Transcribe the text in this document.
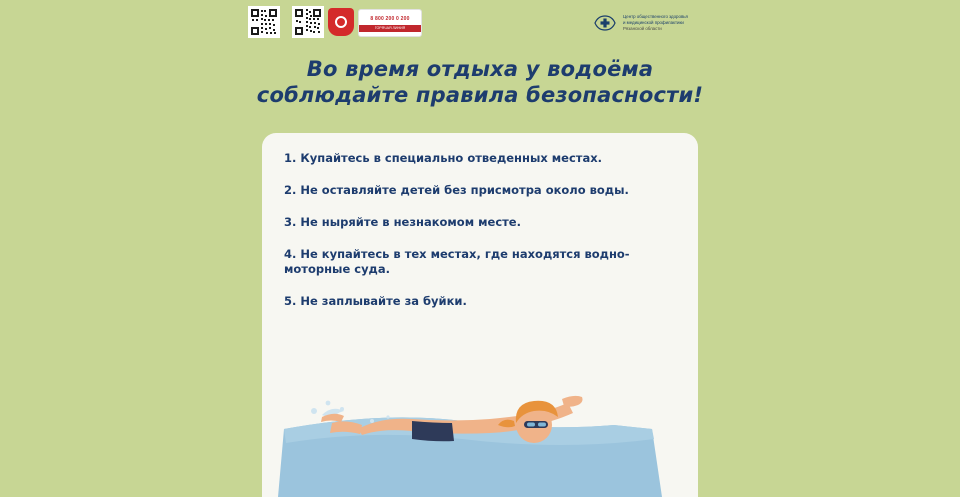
8 800 200 0 200
ГОРЯЧАЯ ЛИНИЯ
Центр общественного здоровья
и медицинской профилактики
Рязанской области
Во время отдыха у водоёма
соблюдайте правила безопасности!
1. Купайтесь в специально отведенных местах.
2. Не оставляйте детей без присмотра около воды.
3. Не ныряйте в незнакомом месте.
4. Не купайтесь в тех местах, где находятся водно-моторные суда.
5. Не заплывайте за буйки.
